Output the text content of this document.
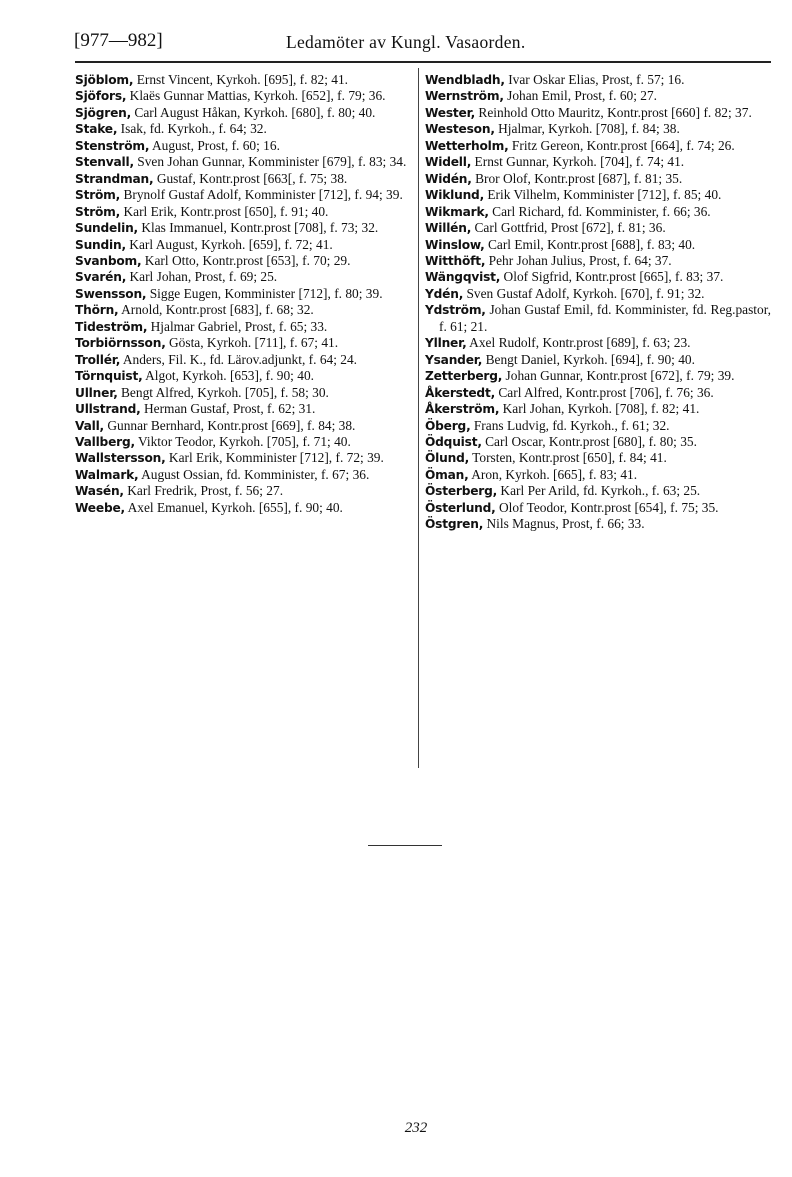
[977—982]	Ledamöter av Kungl. Vasaorden.

Sjöblom, Ernst Vincent, Kyrkoh. [695], f. 82; 41.

Sjöfors, Klaës Gunnar Mattias, Kyrkoh. [652], f. 79; 36.

Sjögren, Carl August Håkan, Kyrkoh. [680], f. 80; 40.

Stake, Isak, fd. Kyrkoh., f. 64; 32.

Stenström, August, Prost, f. 60; 16.

Stenvall, Sven Johan Gunnar, Komminister [679], f. 83; 34.

Strandman, Gustaf, Kontr.prost [663[, f. 75; 38.

Ström, Brynolf Gustaf Adolf, Komminister [712], f. 94; 39.

Ström, Karl Erik, Kontr.prost [650], f. 91; 40.

Sundelin, Klas Immanuel, Kontr.prost [708], f. 73; 32.

Sundin, Karl August, Kyrkoh. [659], f. 72; 41.

Svanbom, Karl Otto, Kontr.prost [653], f. 70; 29.

Svarén, Karl Johan, Prost, f. 69; 25.

Swensson, Sigge Eugen, Komminister [712], f. 80; 39.

Thörn, Arnold, Kontr.prost [683], f. 68; 32.

Tideström, Hjalmar Gabriel, Prost, f. 65; 33.

Torbiörnsson, Gösta, Kyrkoh. [711], f. 67; 41.

Trollér, Anders, Fil. K., fd. Lärov.adjunkt, f. 64; 24.

Törnquist, Algot, Kyrkoh. [653], f. 90; 40.

Ullner, Bengt Alfred, Kyrkoh. [705], f. 58; 30.

Ullstrand, Herman Gustaf, Prost, f. 62; 31.

Vall, Gunnar Bernhard, Kontr.prost [669], f. 84; 38.

Vallberg, Viktor Teodor, Kyrkoh. [705], f. 71; 40.

Wallstersson, Karl Erik, Komminister [712], f. 72; 39.

Walmark, August Ossian, fd. Komminister, f. 67; 36.

Wasén, Karl Fredrik, Prost, f. 56; 27.

Weebe, Axel Emanuel, Kyrkoh. [655], f. 90; 40.

Wendbladh, Ivar Oskar Elias, Prost, f. 57; 16.

Wernström, Johan Emil, Prost, f. 60; 27.

Wester, Reinhold Otto Mauritz, Kontr.prost [660] f. 82; 37.

Westeson, Hjalmar, Kyrkoh. [708], f. 84; 38.

Wetterholm, Fritz Gereon, Kontr.prost [664], f. 74; 26.

Widell, Ernst Gunnar, Kyrkoh. [704], f. 74; 41.

Widén, Bror Olof, Kontr.prost [687], f. 81; 35.

Wiklund, Erik Vilhelm, Komminister [712], f. 85; 40.

Wikmark, Carl Richard, fd. Komminister, f. 66; 36.

Willén, Carl Gottfrid, Prost [672], f. 81; 36.

Winslow, Carl Emil, Kontr.prost [688], f. 83; 40.

Witthöft, Pehr Johan Julius, Prost, f. 64; 37.

Wängqvist, Olof Sigfrid, Kontr.prost [665], f. 83; 37.

Ydén, Sven Gustaf Adolf, Kyrkoh. [670], f. 91; 32.

Ydström, Johan Gustaf Emil, fd. Komminister, fd. Reg.pastor, f. 61; 21.

Yllner, Axel Rudolf, Kontr.prost [689], f. 63; 23.

Ysander, Bengt Daniel, Kyrkoh. [694], f. 90; 40.

Zetterberg, Johan Gunnar, Kontr.prost [672], f. 79; 39.

Åkerstedt, Carl Alfred, Kontr.prost [706], f. 76; 36.

Åkerström, Karl Johan, Kyrkoh. [708], f. 82; 41.

Öberg, Frans Ludvig, fd. Kyrkoh., f. 61; 32.

Ödquist, Carl Oscar, Kontr.prost [680], f. 80; 35.

Ölund, Torsten, Kontr.prost [650], f. 84; 41.

Öman, Aron, Kyrkoh. [665], f. 83; 41.

Österberg, Karl Per Arild, fd. Kyrkoh., f. 63; 25.

Österlund, Olof Teodor, Kontr.prost [654], f. 75; 35.

Östgren, Nils Magnus, Prost, f. 66; 33.

232
